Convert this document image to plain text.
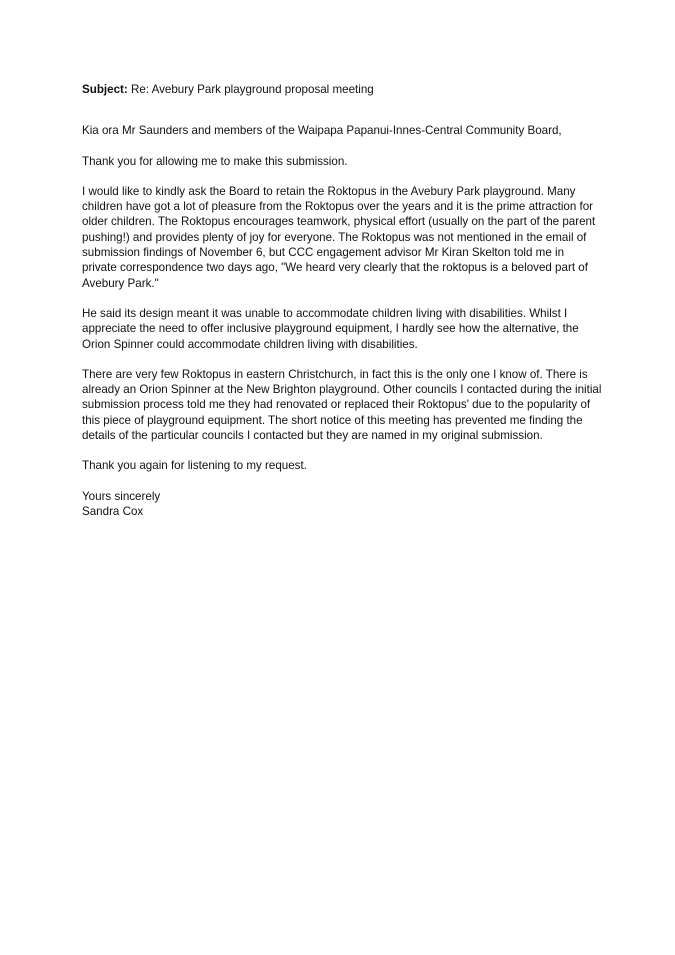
Subject: Re: Avebury Park playground proposal meeting

Kia ora Mr Saunders and members of the Waipapa Papanui-Innes-Central Community Board,

Thank you for allowing me to make this submission.

I would like to kindly ask the Board to retain the Roktopus in the Avebury Park playground. Many children have got a lot of pleasure from the Roktopus over the years and it is the prime attraction for older children. The Roktopus encourages teamwork, physical effort (usually on the part of the parent pushing!) and provides plenty of joy for everyone. The Roktopus was not mentioned in the email of submission findings of November 6, but CCC engagement advisor Mr Kiran Skelton told me in private correspondence two days ago, "We heard very clearly that the roktopus is a beloved part of Avebury Park."

He said its design meant it was unable to accommodate children living with disabilities. Whilst I appreciate the need to offer inclusive playground equipment, I hardly see how the alternative, the Orion Spinner could accommodate children living with disabilities.

There are very few Roktopus in eastern Christchurch, in fact this is the only one I know of. There is already an Orion Spinner at the New Brighton playground. Other councils I contacted during the initial submission process told me they had renovated or replaced their Roktopus' due to the popularity of this piece of playground equipment. The short notice of this meeting has prevented me finding the details of the particular councils I contacted but they are named in my original submission.

Thank you again for listening to my request.

Yours sincerely
Sandra Cox
